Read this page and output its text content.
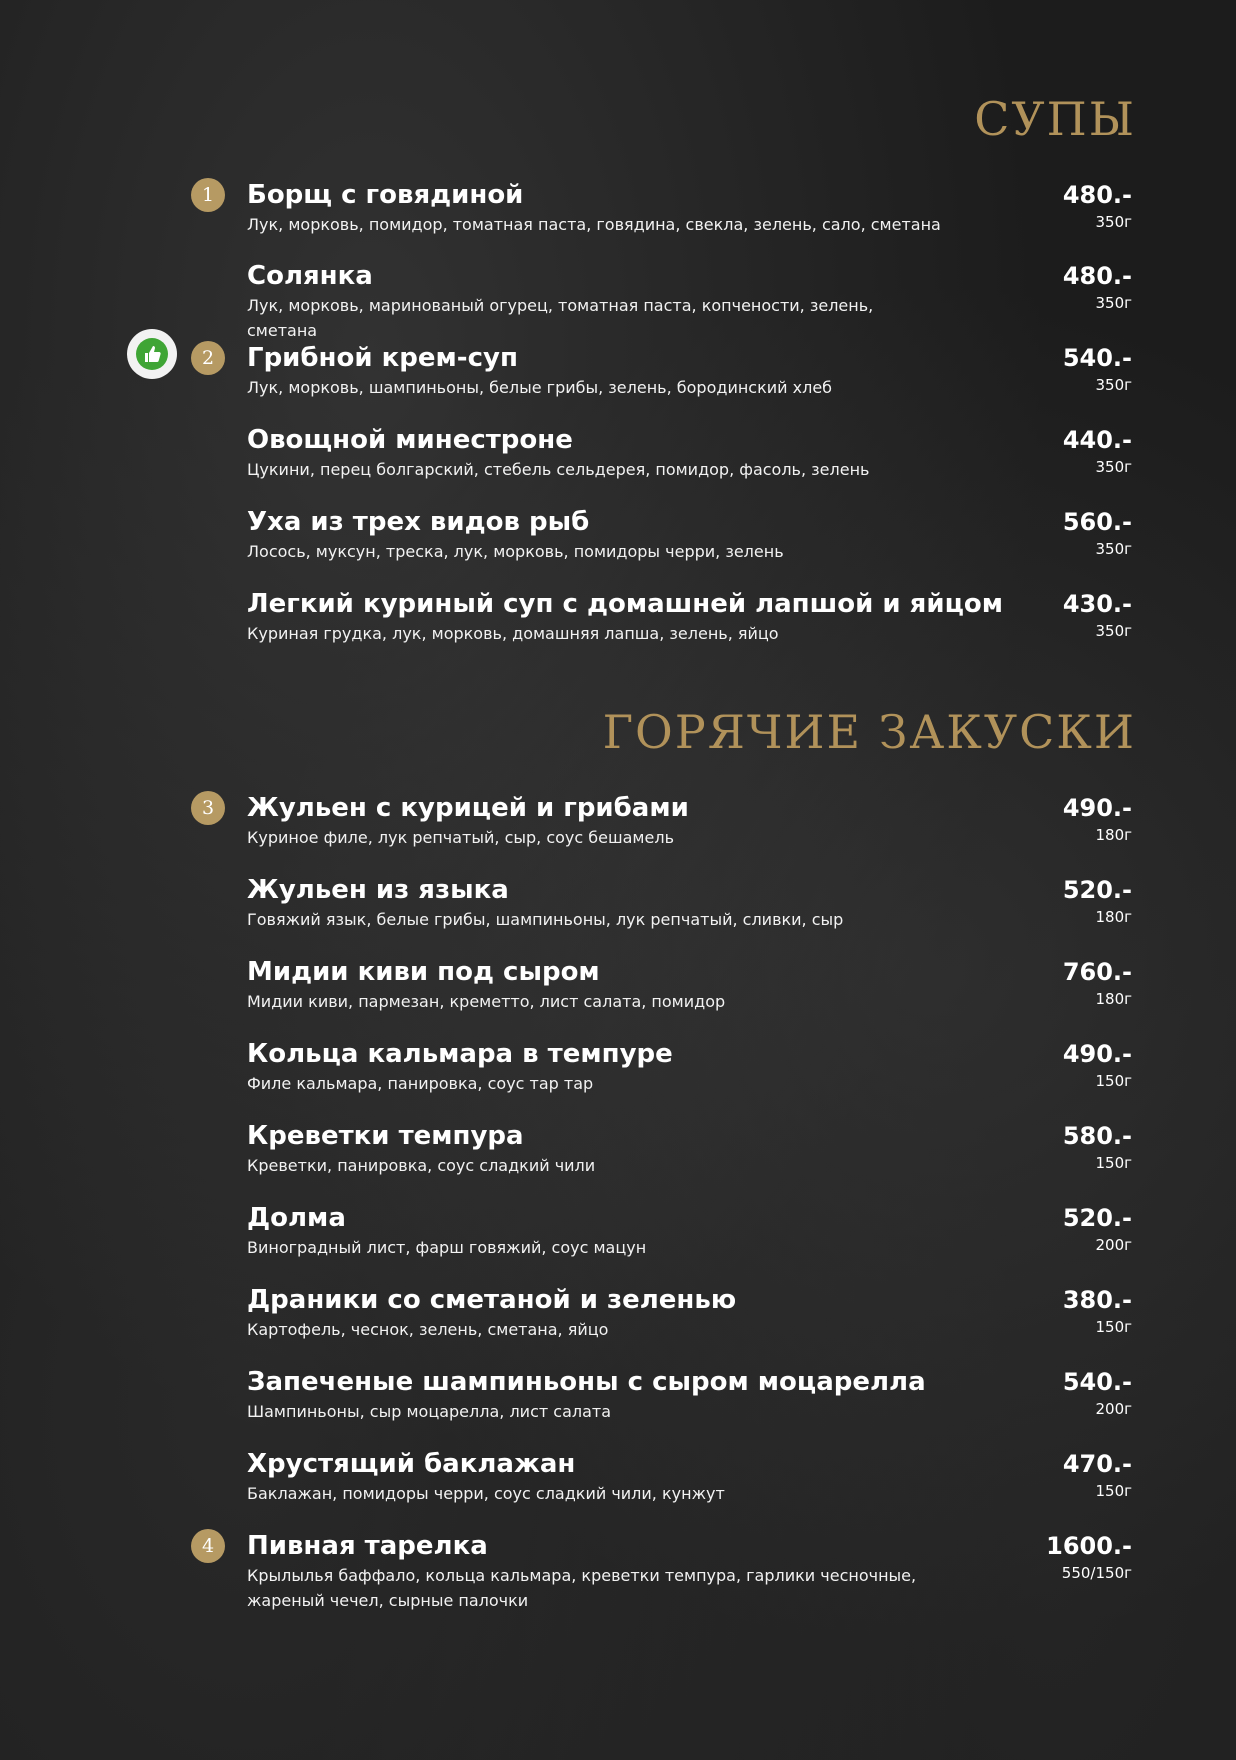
СУПЫ
1	Борщ с говядиной
Лук, морковь, помидор, томатная паста, говядина, свекла, зелень, сало, сметана
480.-
350г
Солянка
Лук, морковь, маринованый огурец, томатная паста, копчености, зелень, сметана
480.-
350г
2	Грибной крем-суп
Лук, морковь, шампиньоны, белые грибы, зелень, бородинский хлеб
540.-
350г
Овощной минестроне
Цукини, перец болгарский, стебель сельдерея, помидор, фасоль, зелень
440.-
350г
Уха из трех видов рыб
Лосось, муксун, треска, лук, морковь, помидоры черри, зелень
560.-
350г
Легкий куриный суп с домашней лапшой и яйцом
Куриная грудка, лук, морковь, домашняя лапша, зелень, яйцо
430.-
350г
ГОРЯЧИЕ ЗАКУСКИ
3	Жульен с курицей и грибами
Куриное филе, лук репчатый, сыр, соус бешамель
490.-
180г
Жульен из языка
Говяжий язык, белые грибы, шампиньоны, лук репчатый, сливки, сыр
520.-
180г
Мидии киви под сыром
Мидии киви, пармезан, креметто, лист салата, помидор
760.-
180г
Кольца кальмара в темпуре
Филе кальмара, панировка, соус тар тар
490.-
150г
Креветки темпура
Креветки, панировка, соус сладкий чили
580.-
150г
Долма
Виноградный лист, фарш говяжий, соус мацун
520.-
200г
Драники со сметаной и зеленью
Картофель, чеснок, зелень, сметана, яйцо
380.-
150г
Запеченые шампиньоны с сыром моцарелла
Шампиньоны, сыр моцарелла, лист салата
540.-
200г
Хрустящий баклажан
Баклажан, помидоры черри, соус сладкий чили, кунжут
470.-
150г
4	Пивная тарелка
Крылылья баффало, кольца кальмара, креветки темпура, гарлики чесночные, жареный чечел, сырные палочки
1600.-
550/150г
